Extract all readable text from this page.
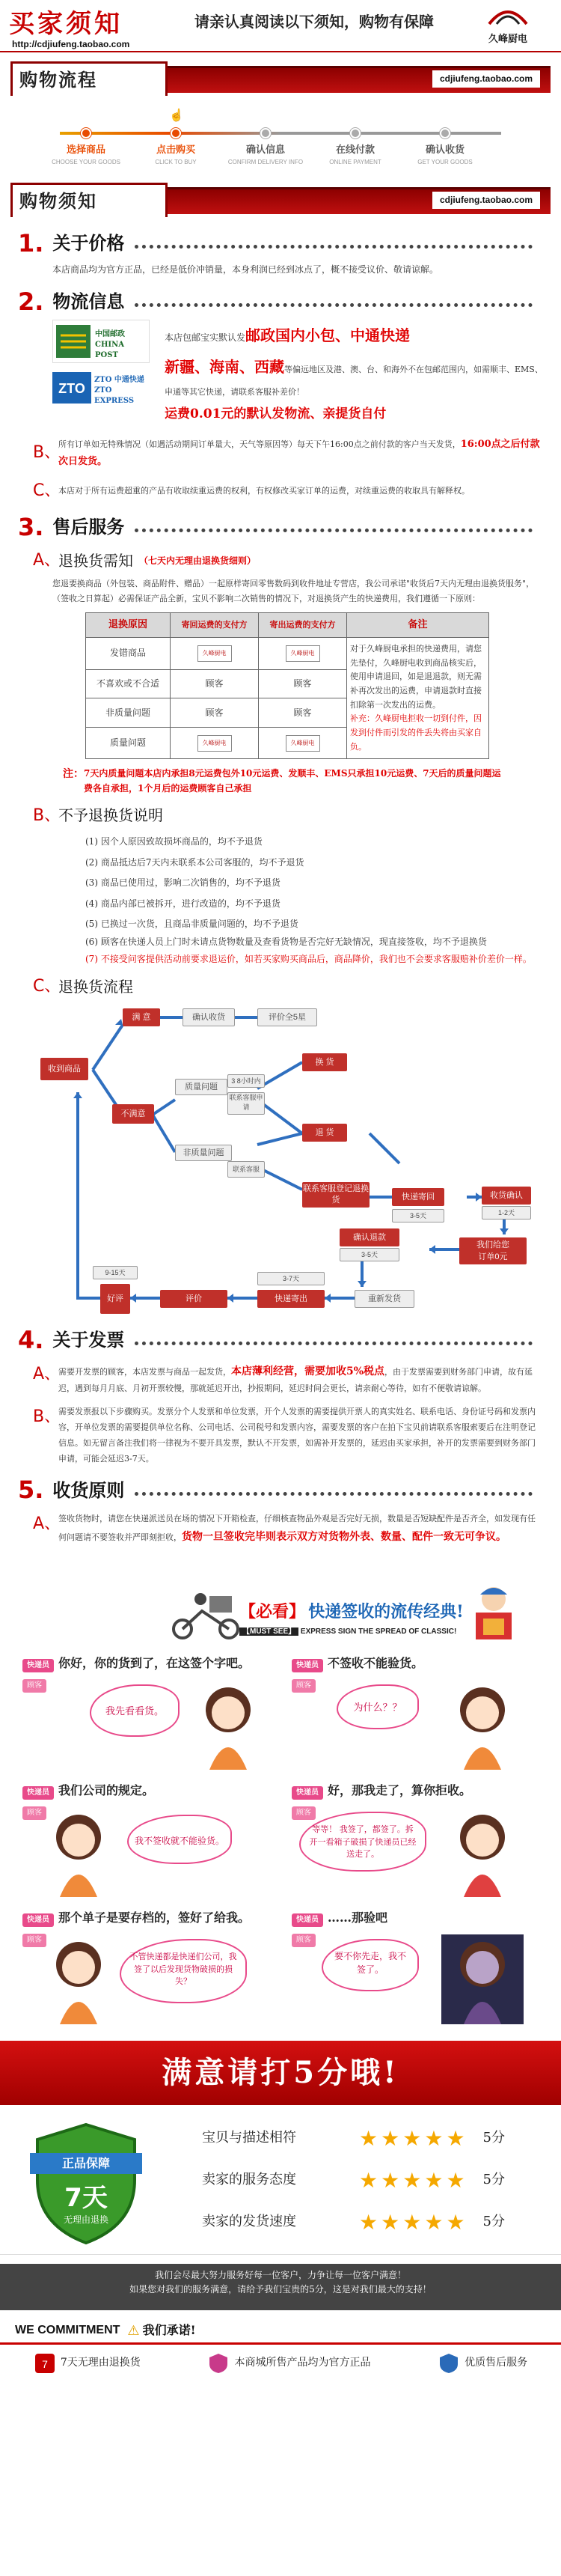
买家须知
http://cdjiufeng.taobao.com
请亲认真阅读以下须知，购物有保障
久峰厨电
购物流程	cdjiufeng.taobao.com
选择商品
CHOOSE YOUR GOODS
☝
点击购买
CLICK TO BUY
确认信息
CONFIRM DELIVERY INFO
在线付款
ONLINE PAYMENT
确认收货
GET YOUR GOODS
购物须知	cdjiufeng.taobao.com
1. 关于价格
本店商品均为官方正品，已经是低价冲销量，本身利润已经到冰点了，概不接受议价、敬请谅解。
2. 物流信息
中国邮政 CHINA POST
ZTO
ZTO 中通快递 ZTO EXPRESS
本店包邮宝实默认发邮政国内小包、中通快递
新疆、海南、西藏等偏远地区及港、澳、台、和海外不在包邮范围内，如需顺丰、EMS、申通等其它快递，请联系客服补差价！
运费0.01元的默认发物流、亲提货自付
B、
所有订单如无特殊情况（如遇活动期间订单量大，天气等原因等）每天下午16:00点之前付款的客户当天发货，16:00点之后付款次日发货。
C、
本店对于所有运费超重的产品有收取续重运费的权利，有权修改买家订单的运费，对续重运费的收取具有解释权。
3. 售后服务
A、
退换货需知 （七天内无理由退换货细则）
您退要换商品（外包装、商品附件、赠品）一起原样寄回零售数码到收件地址专营店，我公司承诺"收货后7天内无理由退换货服务"，（签收之日算起）必需保证产品全新，宝贝不影响二次销售的情况下，对退换货产生的快递费用，我们遵循一下原则：
退换原因	寄回运费的支付方	寄出运费的支付方	备注
发错商品	久峰厨电	久峰厨电	对于久峰厨电承担的快递费用，请您先垫付，久峰厨电收到商品核实后，使用申请退回，如是退退款，则无需补再次发出的运费，申请退款时直接扣除第一次发出的运费。
补充：久峰厨电拒收一切到付件，因发到付件而引发的件丢失将由买家自负。
不喜欢或不合适	顾客	顾客	
非质量问题	顾客	顾客	
质量问题	久峰厨电	久峰厨电	
注： 7天内质量问题本店内承担8元运费包外10元运费、发顺丰、EMS只承担10元运费、7天后的质量问题运费各自承担，1个月后的运费顾客自己承担
B、
不予退换货说明
(1) 因个人原因致故损坏商品的，均不予退货
(2) 商品抵达后7天内未联系本公司客服的，均不予退货
(3) 商品已使用过，影响二次销售的，均不予退货
(4) 商品内部已被拆开，进行改造的，均不予退货
(5) 已换过一次货，且商品非质量问题的，均不予退货
(6) 顾客在快递人员上门时未请点货物数量及查看货物是否完好无缺情况，现直接签收，均不予退换货
(7) 不接受问客提供活动前要求退运价，如若买家购买商品后，商品降价，我们也不会要求客服赔补价差价一样。
C、
退换货流程
收到商品
满 意	确认收货	评价全5星
不满意
质量问题
3 8小时内
联系客服申请
换 货
退 货
非质量问题
联系客服
联系客服登记退换货	快递寄回
3-5天
收货确认
1-2天
我们给您
订单0元
确认退款
3-5天
快递寄出
3-7天
重新发货
评价
好评
9-15天
4. 关于发票
A、
需要开发票的顾客，本店发票与商品一起发货，本店薄利经营，需要加收5%税点，由于发票需要到财务部门申请，故有延迟，遇到每月月底、月初开票较慢，那就延迟开出，抄报期间，延迟时间会更长，请亲耐心等待，如有不便敬请谅解。
B、
需要发票报以下步骤购买。发票分个人发票和单位发票，开个人发票的需要提供开票人的真实姓名、联系电话、身份证号码和发票内容，开单位发票的需要提供单位名称、公司电话、公司税号和发票内容，需要发票的客户在拍下宝贝前请联系客服索要后在注明登记信息。如无留言备注我们将一律视为不要开具发票，默认不开发票，如需补开发票的，延迟由买家承担，补开的发票需要到财务部门申请，可能会延迟3-7天。
5. 收货原则
A、
签收货物时，请您在快递派送员在场的情况下开箱检查，仔细核查物品外观是否完好无损，数量是否短缺配件是否齐全，如发现有任何问题请不要签收并严即刻拒收，货物一旦签收完毕则表示双方对货物外表、数量、配件一致无可争议。
【必看】 快递签收的流传经典!
【MUST SEE】 EXPRESS SIGN THE SPREAD OF CLASSIC!
快递员 你好，你的货到了，在这签个字吧。
顾客
我先看看货。
快递员 不签收不能验货。
顾客
为什么？？
快递员 我们公司的规定。
顾客
我不签收就不能验货。
快递员 好，那我走了，算你拒收。
顾客
等等！ 我签了，都签了。拆开一看箱子破损了快递员已经送走了。
快递员 那个单子是要存档的，签好了给我。
顾客
不管快递都是快递们公司，我签了以后发现货物破损的损失？
快递员 ……那验吧
顾客
要不你先走，我不签了。
满意请打5分哦!
正品保障
7天
无理由退换
宝贝与描述相符	★ ★ ★ ★ ★ 5分
卖家的服务态度	★ ★ ★ ★ ★ 5分
卖家的发货速度	★ ★ ★ ★ ★ 5分
我们会尽最大努力服务好每一位客户，力争让每一位客户满意！
如果您对我们的服务满意，请给予我们宝贵的5分，这是对我们最大的支持！
WE COMMITMENT ⚠ 我们承诺!
7 7天无理由退换货	本商城所售产品均为官方正品	优质售后服务
